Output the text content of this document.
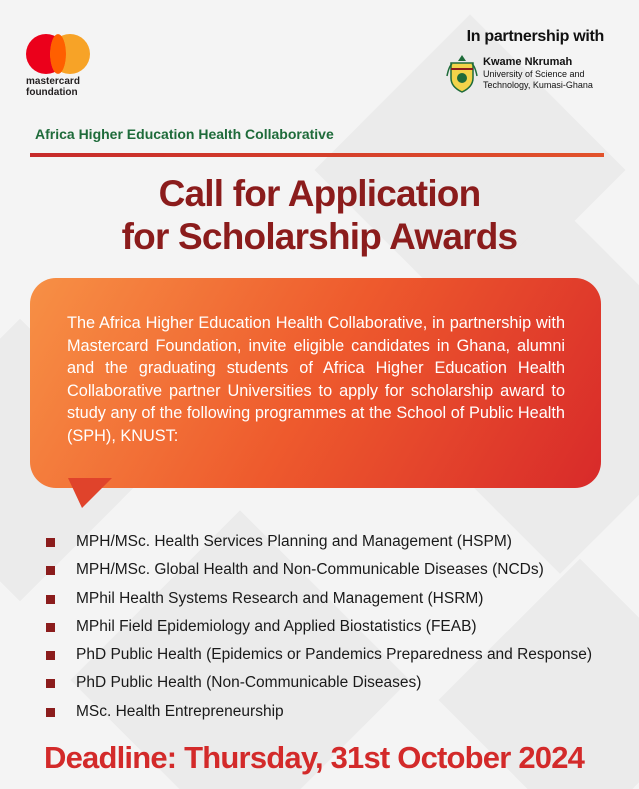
mastercard
foundation
In partnership with
Kwame Nkrumah
University of Science and
Technology, Kumasi-Ghana
Africa Higher Education Health Collaborative
Call for Application
for Scholarship Awards

The Africa Higher Education Health Collaborative, in partnership with Mastercard Foundation, invite eligible candidates in Ghana, alumni and the graduating students of Africa Higher Education Health Collaborative partner Universities to apply for scholarship award to study any of the following programmes at the School of Public Health (SPH), KNUST:

MPH/MSc. Health Services Planning and Management (HSPM)
MPH/MSc. Global Health and Non-Communicable Diseases (NCDs)
MPhil Health Systems Research and Management (HSRM)
MPhil Field Epidemiology and Applied Biostatistics (FEAB)
PhD Public Health (Epidemics or Pandemics Preparedness and Response)
PhD Public Health (Non-Communicable Diseases)
MSc. Health Entrepreneurship
Deadline: Thursday, 31st October 2024
